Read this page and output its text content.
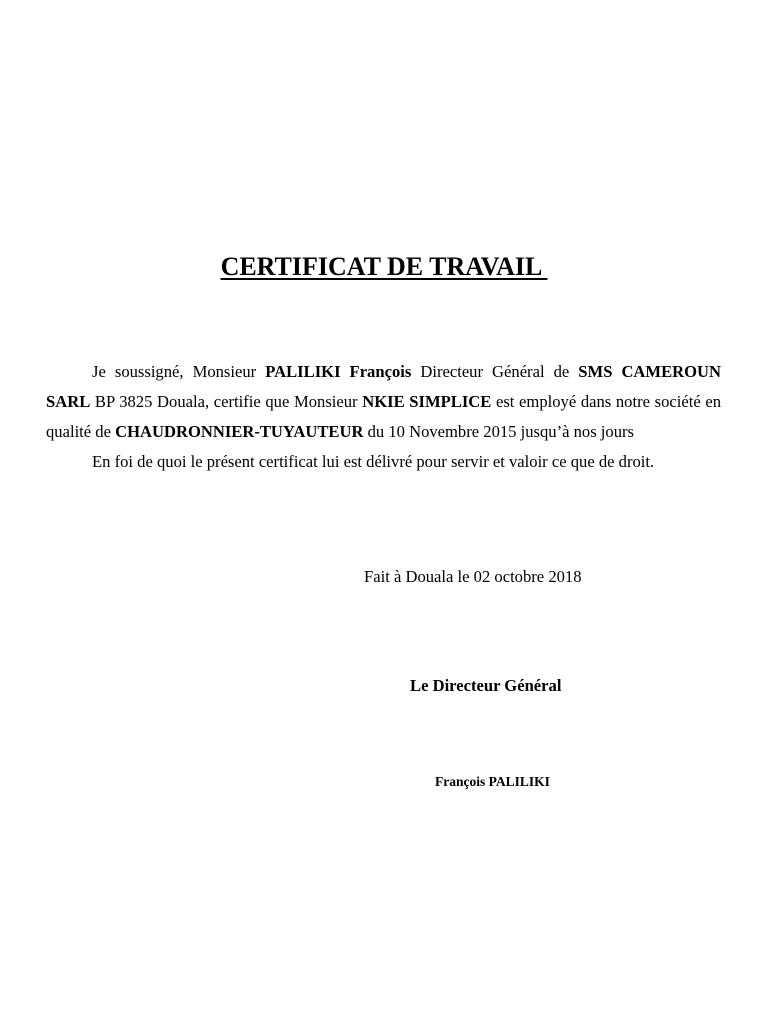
CERTIFICAT DE TRAVAIL

Je soussigné, Monsieur PALILIKI François Directeur Général de SMS CAMEROUN SARL BP 3825 Douala, certifie que Monsieur NKIE SIMPLICE est employé dans notre société en qualité de CHAUDRONNIER-TUYAUTEUR du 10 Novembre 2015 jusqu’à nos jours

En foi de quoi le présent certificat lui est délivré pour servir et valoir ce que de droit.

Fait à Douala le 02 octobre 2018

Le Directeur Général

François PALILIKI
